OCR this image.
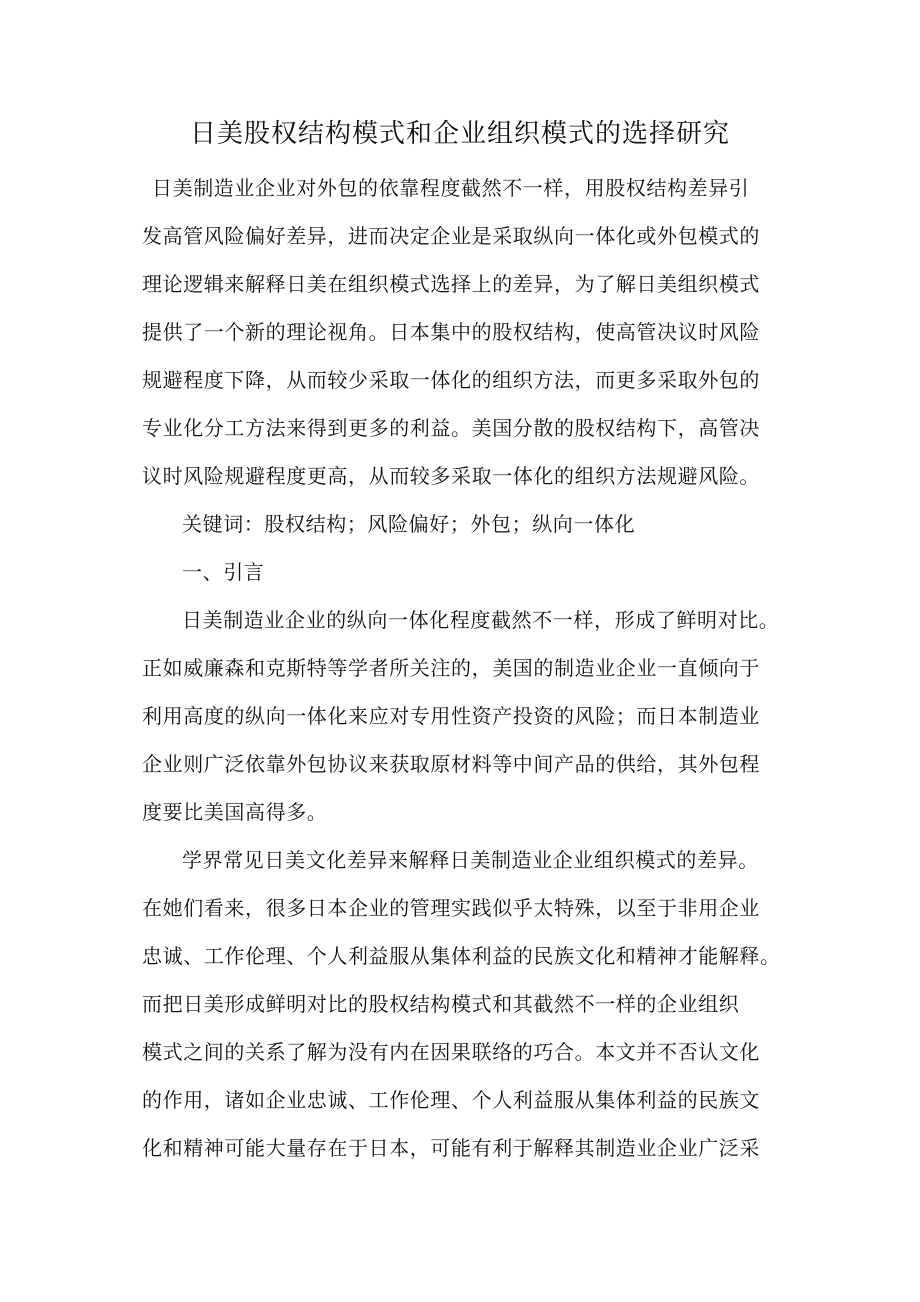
日美股权结构模式和企业组织模式的选择研究
日美制造业企业对外包的依靠程度截然不一样，用股权结构差异引
发高管风险偏好差异，进而决定企业是采取纵向一体化或外包模式的
理论逻辑来解释日美在组织模式选择上的差异，为了解日美组织模式
提供了一个新的理论视角。日本集中的股权结构，使高管决议时风险
规避程度下降，从而较少采取一体化的组织方法，而更多采取外包的
专业化分工方法来得到更多的利益。美国分散的股权结构下，高管决
议时风险规避程度更高，从而较多采取一体化的组织方法规避风险。
关键词：股权结构；风险偏好；外包；纵向一体化
一、引言
日美制造业企业的纵向一体化程度截然不一样，形成了鲜明对比。
正如威廉森和克斯特等学者所关注的，美国的制造业企业一直倾向于
利用高度的纵向一体化来应对专用性资产投资的风险；而日本制造业
企业则广泛依靠外包协议来获取原材料等中间产品的供给，其外包程
度要比美国高得多。
学界常见日美文化差异来解释日美制造业企业组织模式的差异。
在她们看来，很多日本企业的管理实践似乎太特殊，以至于非用企业
忠诚、工作伦理、个人利益服从集体利益的民族文化和精神才能解释。
而把日美形成鲜明对比的股权结构模式和其截然不一样的企业组织
模式之间的关系了解为没有内在因果联络的巧合。本文并不否认文化
的作用，诸如企业忠诚、工作伦理、个人利益服从集体利益的民族文
化和精神可能大量存在于日本，可能有利于解释其制造业企业广泛采
